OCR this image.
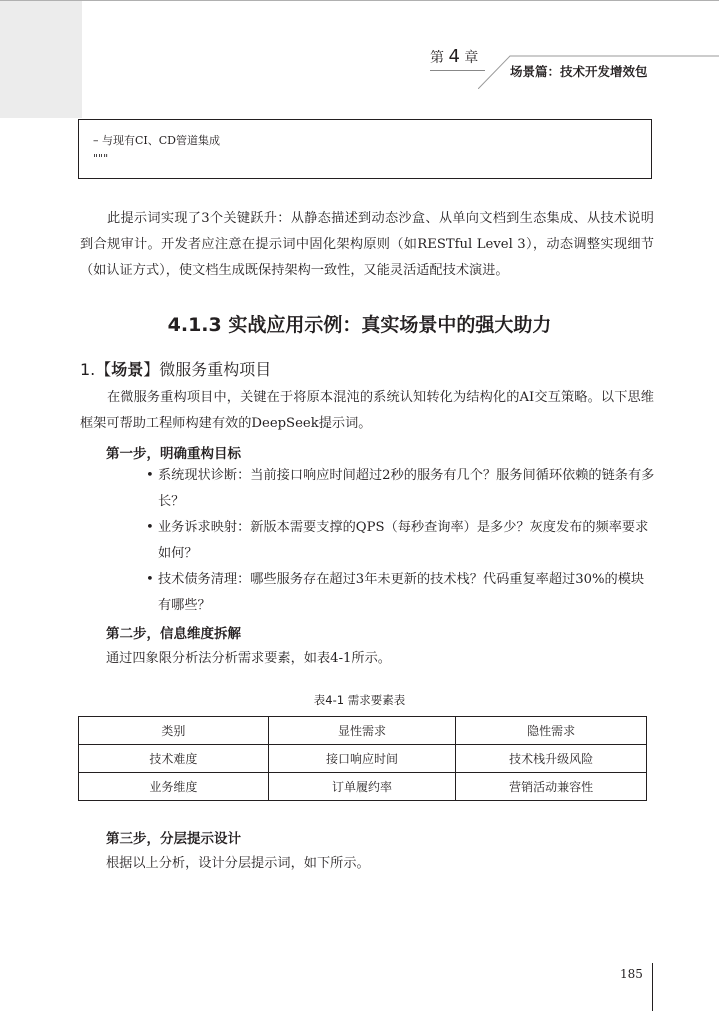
第 4 章
场景篇：技术开发增效包
– 与现有CI、CD管道集成
"""

此提示词实现了3个关键跃升：从静态描述到动态沙盒、从单向文档到生态集成、从技术说明到合规审计。开发者应注意在提示词中固化架构原则（如RESTful Level 3），动态调整实现细节（如认证方式），使文档生成既保持架构一致性，又能灵活适配技术演进。

4.1.3 实战应用示例：真实场景中的强大助力
1.【场景】微服务重构项目

在微服务重构项目中，关键在于将原本混沌的系统认知转化为结构化的AI交互策略。以下思维框架可帮助工程师构建有效的DeepSeek提示词。

第一步，明确重构目标
• 系统现状诊断：当前接口响应时间超过2秒的服务有几个？服务间循环依赖的链条有多长？
• 业务诉求映射：新版本需要支撑的QPS（每秒查询率）是多少？灰度发布的频率要求如何？
• 技术债务清理：哪些服务存在超过3年未更新的技术栈？代码重复率超过30%的模块有哪些？
第二步，信息维度拆解

通过四象限分析法分析需求要素，如表4-1所示。

表4-1 需求要素表
类别	显性需求	隐性需求
技术难度	接口响应时间	技术栈升级风险
业务维度	订单履约率	营销活动兼容性
第三步，分层提示设计

根据以上分析，设计分层提示词，如下所示。

185
